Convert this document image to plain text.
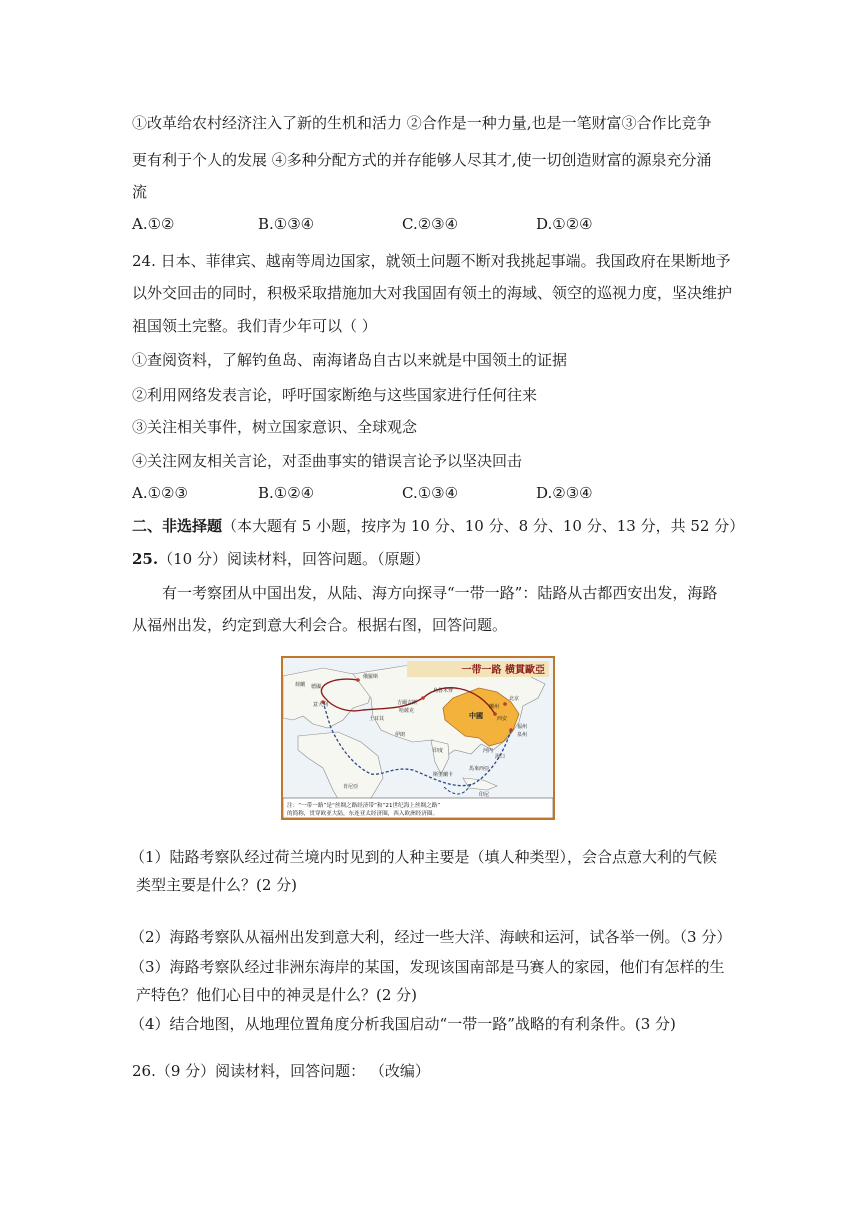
①改革给农村经济注入了新的生机和活力 ②合作是一种力量,也是一笔财富③合作比竞争
更有利于个人的发展 ④多种分配方式的并存能够人尽其才,使一切创造财富的源泉充分涌
流
A.①②	B.①③④	C.②③④	D.①②④
24. 日本、菲律宾、越南等周边国家，就领土问题不断对我挑起事端。我国政府在果断地予
以外交回击的同时，积极采取措施加大对我国固有领土的海域、领空的巡视力度，坚决维护
祖国领土完整。我们青少年可以（ ）
①查阅资料，了解钓鱼岛、南海诸岛自古以来就是中国领土的证据
②利用网络发表言论，呼吁国家断绝与这些国家进行任何往来
③关注相关事件，树立国家意识、全球观念
④关注网友相关言论，对歪曲事实的错误言论予以坚决回击
A.①②③	B.①②④	C.①③④	D.②③④
二、非选择题（本大题有 5 小题，按序为 10 分、10 分、8 分、10 分、13 分，共 52 分）
25.（10 分）阅读材料，回答问题。（原题）
有一考察团从中国出发，从陆、海方向探寻“一带一路”：陆路从古都西安出发，海路
从福州出发，约定到意大利会合。根据右图，回答问题。
一带一路 横貫歐亞
俄羅斯
荷蘭 德國
意大利
土耳其
伊朗
吉爾吉斯
哈薩克
烏魯木齊
蘭州
西安
北京
中國
福州
泉州
印度
肯尼亞
斯里蘭卡
馬來西亞
印尼
河內
海口
注：“一带一路”是“丝绸之路经济带”和“21世纪海上丝绸之路”
的简称，贯穿欧亚大陆，东连亚太经济圈，西入欧洲经济圈。
（1）陆路考察队经过荷兰境内时见到的人种主要是（填人种类型），会合点意大利的气候
类型主要是什么？(2 分)
（2）海路考察队从福州出发到意大利，经过一些大洋、海峡和运河，试各举一例。（3 分）
（3）海路考察队经过非洲东海岸的某国，发现该国南部是马赛人的家园，他们有怎样的生
产特色？他们心目中的神灵是什么？(2 分)
（4）结合地图，从地理位置角度分析我国启动“一带一路”战略的有利条件。(3 分)
26.（9 分）阅读材料，回答问题： （改编）
